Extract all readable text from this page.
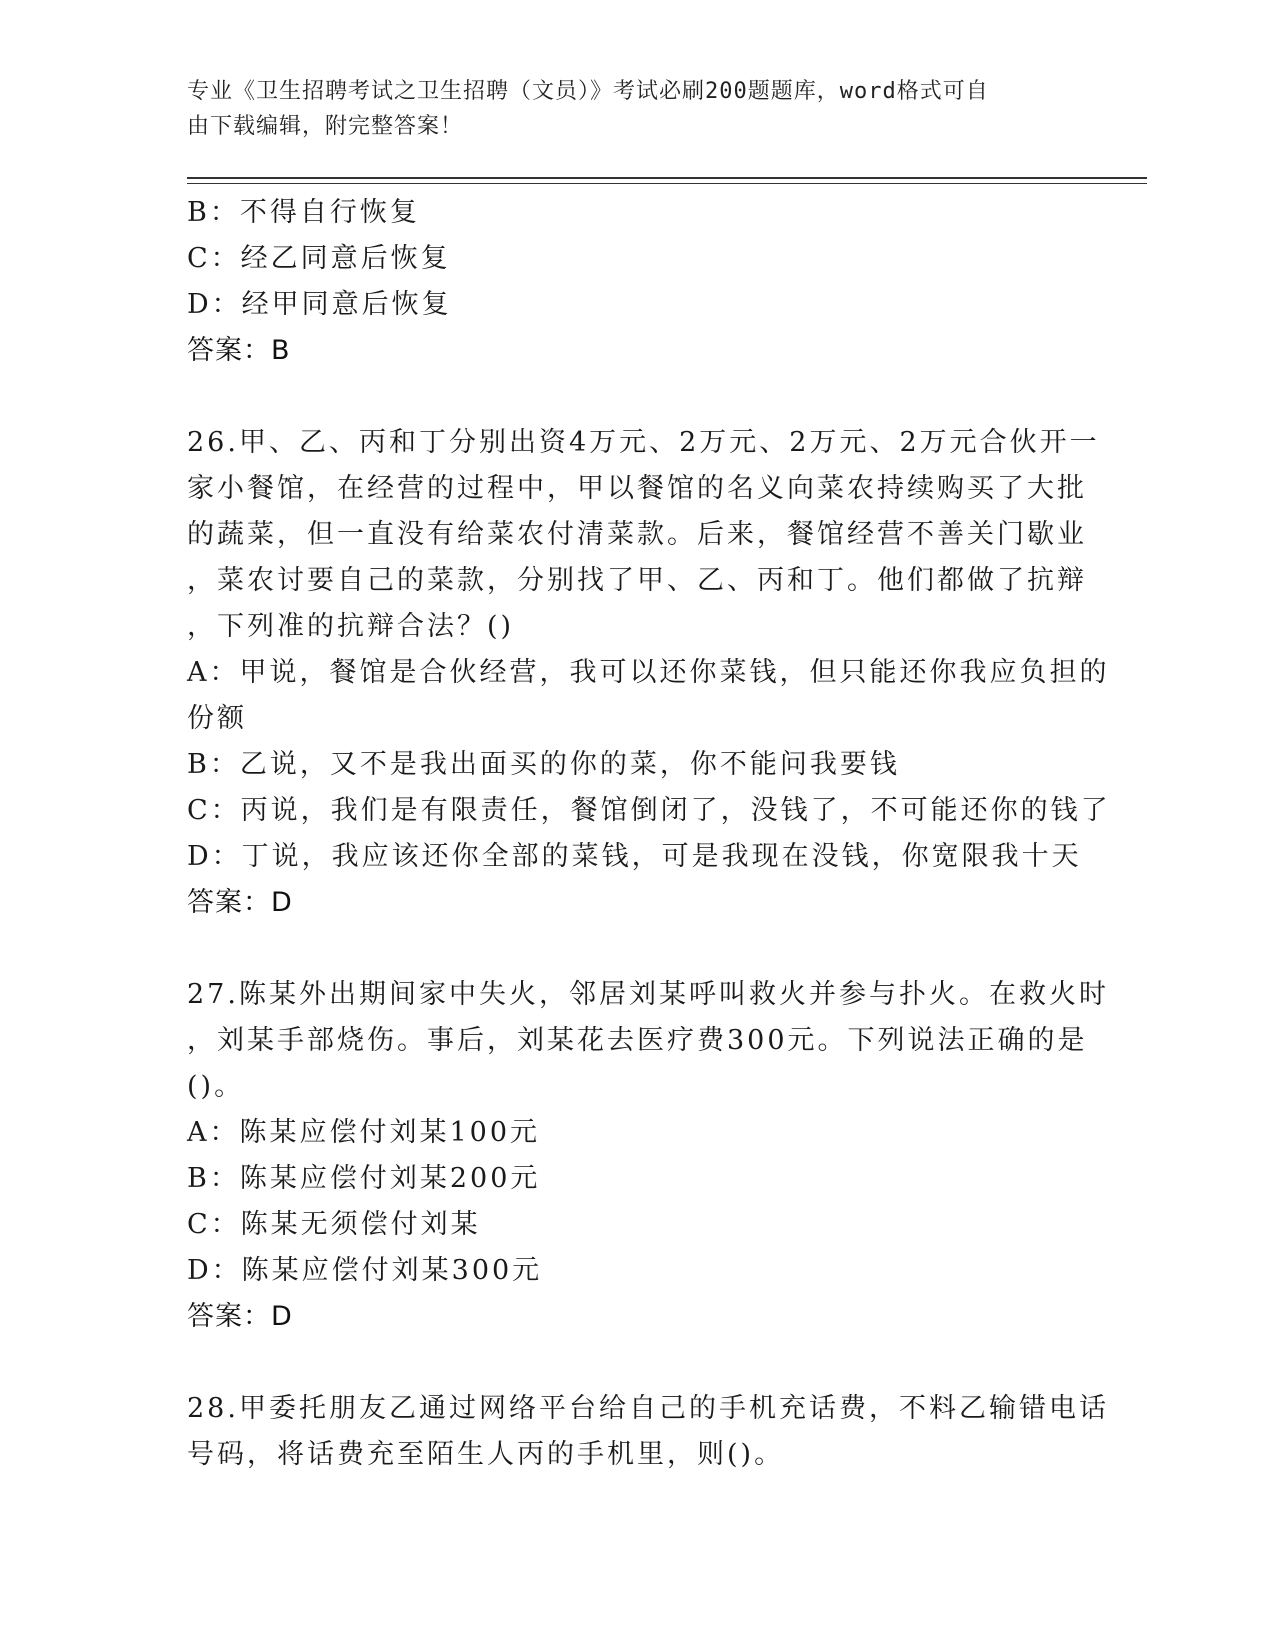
专业《卫生招聘考试之卫生招聘（文员）》考试必刷200题题库，word格式可自
由下载编辑，附完整答案！
B：不得自行恢复
C：经乙同意后恢复
D：经甲同意后恢复
答案：B
26.甲、乙、丙和丁分别出资4万元、2万元、2万元、2万元合伙开一
家小餐馆，在经营的过程中，甲以餐馆的名义向菜农持续购买了大批
的蔬菜，但一直没有给菜农付清菜款。后来，餐馆经营不善关门歇业
，菜农讨要自己的菜款，分别找了甲、乙、丙和丁。他们都做了抗辩
，下列准的抗辩合法？()
A：甲说，餐馆是合伙经营，我可以还你菜钱，但只能还你我应负担的
份额
B：乙说，又不是我出面买的你的菜，你不能问我要钱
C：丙说，我们是有限责任，餐馆倒闭了，没钱了，不可能还你的钱了
D：丁说，我应该还你全部的菜钱，可是我现在没钱，你宽限我十天
答案：D
27.陈某外出期间家中失火，邻居刘某呼叫救火并参与扑火。在救火时
，刘某手部烧伤。事后，刘某花去医疗费300元。下列说法正确的是
()。
A：陈某应偿付刘某100元
B：陈某应偿付刘某200元
C：陈某无须偿付刘某
D：陈某应偿付刘某300元
答案：D
28.甲委托朋友乙通过网络平台给自己的手机充话费，不料乙输错电话
号码，将话费充至陌生人丙的手机里，则()。
